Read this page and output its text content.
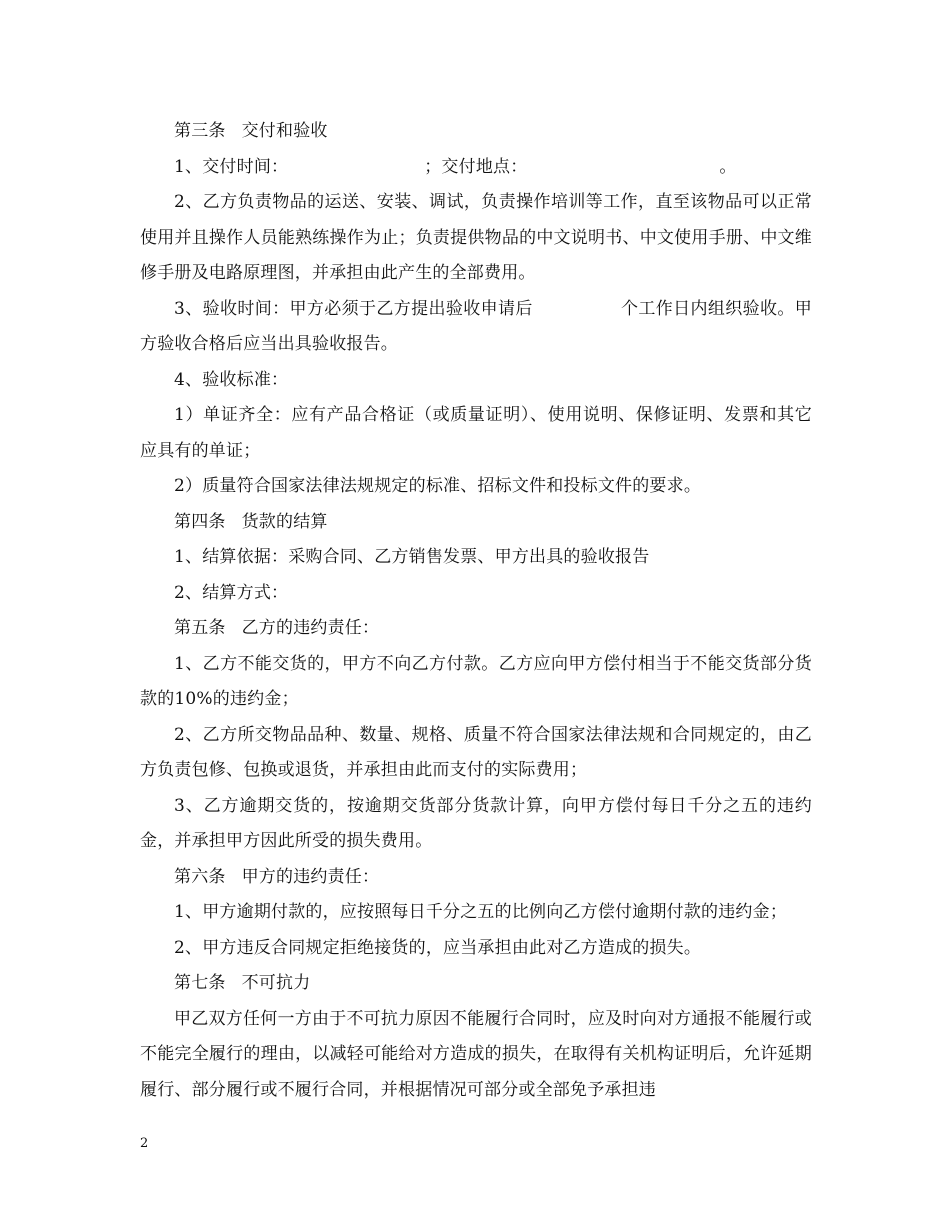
第三条 交付和验收

1、交付时间：	；交付地点：	。

2、乙方负责物品的运送、安装、调试，负责操作培训等工作，直至该物品可以正常使用并且操作人员能熟练操作为止；负责提供物品的中文说明书、中文使用手册、中文维修手册及电路原理图，并承担由此产生的全部费用。

3、验收时间：甲方必须于乙方提出验收申请后	个工作日内组织验收。甲方验收合格后应当出具验收报告。

4、验收标准：

1）单证齐全：应有产品合格证（或质量证明）、使用说明、保修证明、发票和其它应具有的单证；

2）质量符合国家法律法规规定的标准、招标文件和投标文件的要求。

第四条 货款的结算

1、结算依据：采购合同、乙方销售发票、甲方出具的验收报告

2、结算方式：

第五条 乙方的违约责任：

1、乙方不能交货的，甲方不向乙方付款。乙方应向甲方偿付相当于不能交货部分货款的10%的违约金；

2、乙方所交物品品种、数量、规格、质量不符合国家法律法规和合同规定的，由乙方负责包修、包换或退货，并承担由此而支付的实际费用；

3、乙方逾期交货的，按逾期交货部分货款计算，向甲方偿付每日千分之五的违约金，并承担甲方因此所受的损失费用。

第六条 甲方的违约责任：

1、甲方逾期付款的，应按照每日千分之五的比例向乙方偿付逾期付款的违约金；

2、甲方违反合同规定拒绝接货的，应当承担由此对乙方造成的损失。

第七条 不可抗力

甲乙双方任何一方由于不可抗力原因不能履行合同时，应及时向对方通报不能履行或不能完全履行的理由，以减轻可能给对方造成的损失，在取得有关机构证明后，允许延期履行、部分履行或不履行合同，并根据情况可部分或全部免予承担违

2
